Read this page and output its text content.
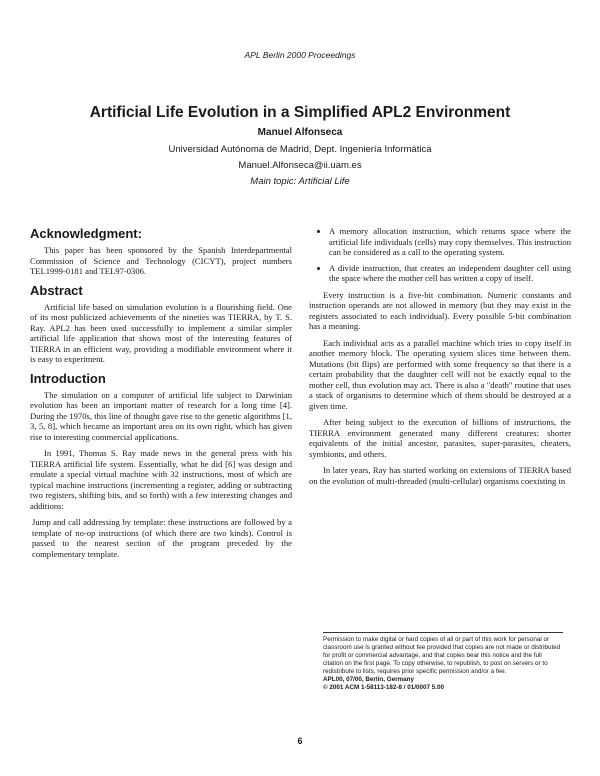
APL Berlin 2000 Proceedings
Artificial Life Evolution in a Simplified APL2 Environment
Manuel Alfonseca
Universidad Autónoma de Madrid, Dept. Ingeniería Informática
Manuel.Alfonseca@ii.uam.es
Main topic: Artificial Life
Acknowledgment:

This paper has been sponsored by the Spanish Interdepartmental Commission of Science and Technology (CICYT), project numbers TEL1999-0181 and TEL97-0306.

Abstract

Artificial life based on simulation evolution is a flourishing field. One of its most publicized achievements of the nineties was TIERRA, by T. S. Ray. APL2 has been used successfully to implement a similar simpler artificial life application that shows most of the interesting features of TIERRA in an efficient way, providing a modifiable environment where it is easy to experiment.

Introduction

The simulation on a computer of artificial life subject to Darwinian evolution has been an important matter of research for a long time [4]. During the 1970s, this line of thought gave rise to the genetic algorithms [1, 3, 5, 8], which became an important area on its own right, which has given rise to interesting commercial applications.

In 1991, Thomas S. Ray made news in the general press with his TIERRA artificial life system. Essentially, what he did [6] was design and emulate a special virtual machine with 32 instructions, most of which are typical machine instructions (incrementing a register, adding or subtracting two registers, shifting bits, and so forth) with a few interesting changes and additions:

Jump and call addressing by template: these instructions are followed by a template of no-op instructions (of which there are two kinds). Control is passed to the nearest section of the program preceded by the complementary template.

• A memory allocation instruction, which returns space where the artificial life individuals (cells) may copy themselves. This instruction can be considered as a call to the operating system.
• A divide instruction, that creates an independent daughter cell using the space where the mother cell has written a copy of itself.

Every instruction is a five-bit combination. Numeric constants and instruction operands are not allowed in memory (but they may exist in the registers associated to each individual). Every possible 5-bit combination has a meaning.

Each individual acts as a parallel machine which tries to copy itself in another memory block. The operating system slices time between them. Mutations (bit flips) are performed with some frequency so that there is a certain probability that the daughter cell will not be exactly equal to the mother cell, thus evolution may act. There is also a "death" routine that uses a stack of organisms to determine which of them should be destroyed at a given time.

After being subject to the execution of billions of instructions, the TIERRA environment generated many different creatures: shorter equivalents of the initial ancestor, parasites, super-parasites, cheaters, symbionts, and others.

In later years, Ray has started working on extensions of TIERRA based on the evolution of multi-threaded (multi-cellular) organisms coexisting in

Permission to make digital or hard copies of all or part of this work for personal or classroom use is granted without fee provided that copies are not made or distributed for profit or commercial advantage, and that copies bear this notice and the full citation on the first page. To copy otherwise, to republish, to post on servers or to redistribute to lists, requires prior specific permission and/or a fee.

APL00, 07/00, Berlin, Germany

© 2001 ACM 1-58113-182-8 / 01/0007 5.00

6
